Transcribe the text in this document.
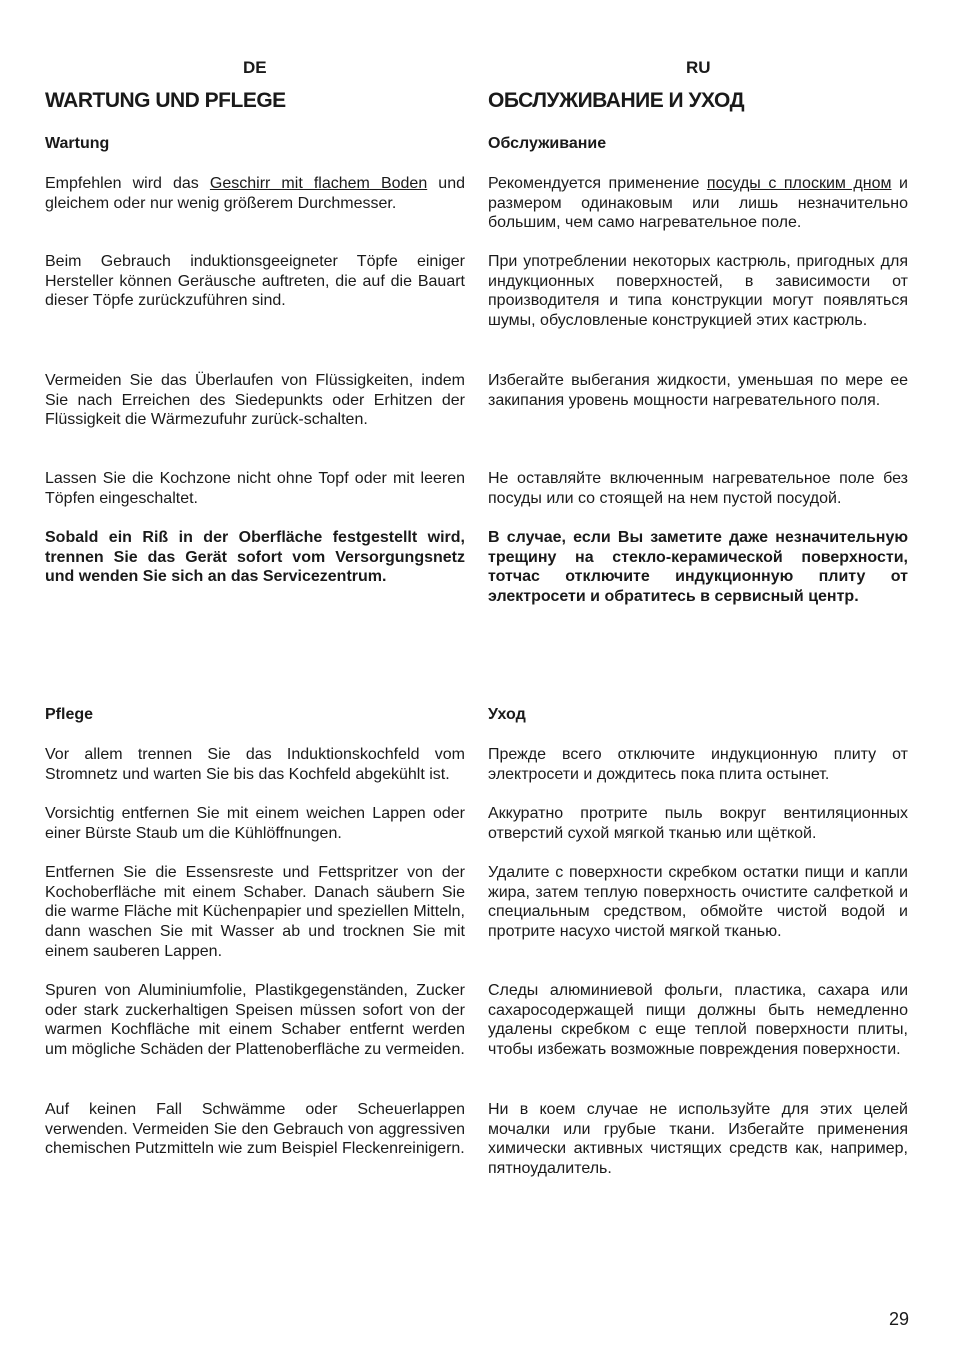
DE
WARTUNG UND PFLEGE
Wartung
Empfehlen wird das Geschirr mit flachem Boden und gleichem oder nur wenig größerem Durchmesser.
Beim Gebrauch induktionsgeeigneter Töpfe einiger Hersteller können Geräusche auftreten, die auf die Bauart dieser Töpfe zurückzuführen sind.
Vermeiden Sie das Überlaufen von Flüssigkeiten, indem Sie nach Erreichen des Siedepunkts oder Erhitzen der Flüssigkeit die Wärmezufuhr zurück-schalten.
Lassen Sie die Kochzone nicht ohne Topf oder mit leeren Töpfen eingeschaltet.
Sobald ein Riß in der Oberfläche festgestellt wird, trennen Sie das Gerät sofort vom Versorgungsnetz und wenden Sie sich an das Servicezentrum.
Pflege
Vor allem trennen Sie das Induktionskochfeld vom Stromnetz und warten Sie bis das Kochfeld abgekühlt ist.
Vorsichtig entfernen Sie mit einem weichen Lappen oder einer Bürste Staub um die Kühlöffnungen.
Entfernen Sie die Essensreste und Fettspritzer von der Kochoberfläche mit einem Schaber. Danach säubern Sie die warme Fläche mit Küchenpapier und speziellen Mitteln, dann waschen Sie mit Wasser ab und trocknen Sie mit einem sauberen Lappen.
Spuren von Aluminiumfolie, Plastikgegenständen, Zucker oder stark zuckerhaltigen Speisen müssen sofort von der warmen Kochfläche mit einem Schaber entfernt werden um mögliche Schäden der Plattenoberfläche zu vermeiden.
Auf keinen Fall Schwämme oder Scheuerlappen verwenden. Vermeiden Sie den Gebrauch von aggressiven chemischen Putzmitteln wie zum Beispiel Fleckenreinigern.
RU
ОБСЛУЖИВАНИЕ И УХОД
Обслуживание
Рекомендуется применение посуды с плоским дном и размером одинаковым или лишь незначительно большим, чем само нагревательное поле.
При употреблении некоторых кастрюль, пригодных для индукционных поверхностей, в зависимости от производителя и типа конструкции могут появляться шумы, обусловленые конструкцией этих кастрюль.
Избегайте выбегания жидкости, уменьшая по мере ее закипания уровень мощности нагревательного поля.
Не оставляйте включенным нагревательное поле без посуды или со стоящей на нем пустой посудой.
В случае, если Вы заметите даже незначительную трещину на стекло-керамической поверхности, тотчас отключите индукционную плиту от электросети и обратитесь в сервисный центр.
Уход
Прежде всего отключите индукционную плиту от электросети и дождитесь пока плита остынет.
Аккуратно протрите пыль вокруг вентиляционных отверстий сухой мягкой тканью или щёткой.
Удалите с поверхности скребком остатки пищи и капли жира, затем теплую поверхность очистите салфеткой и специальным средством, обмойте чистой водой и протрите насухо чистой мягкой тканью.
Следы алюминиевой фольги, пластика, сахара или сахаросодержащей пищи должны быть немедленно удалены скребком с еще теплой поверхности плиты, чтобы избежать возможные повреждения поверхности.
Ни в коем случае не используйте для этих целей мочалки или грубые ткани. Избегайте применения химически активных чистящих средств как, например, пятноудалитель.
29
